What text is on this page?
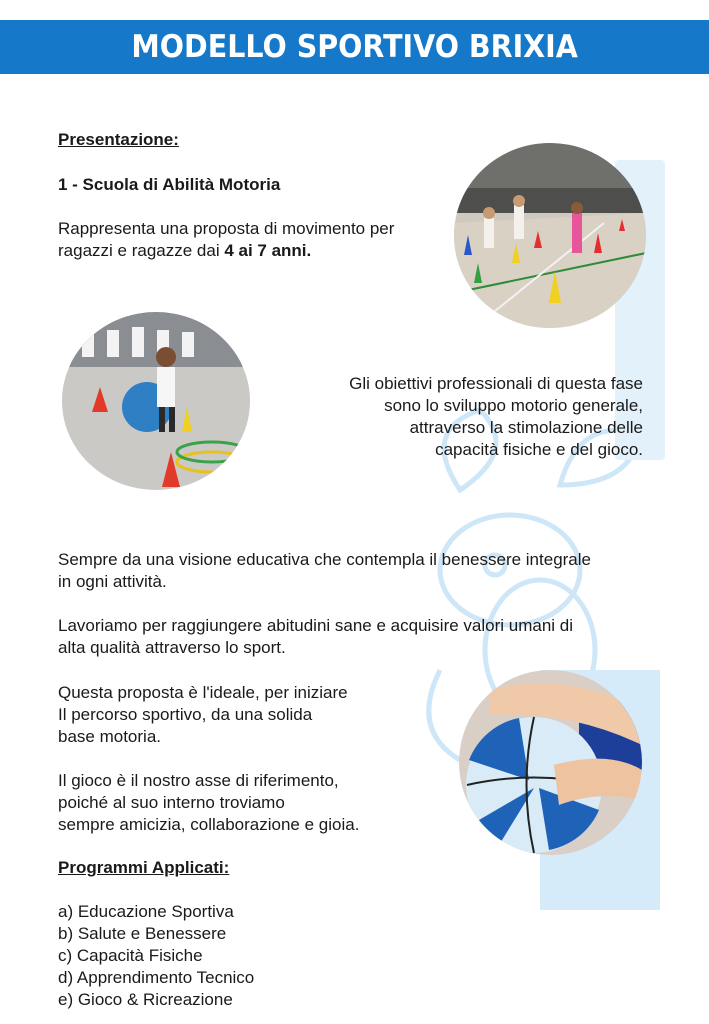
MODELLO SPORTIVO BRIXIA
Presentazione:
1 - Scuola di Abilità Motoria
Rappresenta una proposta di movimento per
ragazzi e ragazze dai 4 ai 7 anni.
Gli obiettivi professionali di questa fase
sono lo sviluppo motorio generale,
attraverso la stimolazione delle
capacità fisiche e del gioco.
Sempre da una visione educativa che contempla il benessere integrale
in ogni attività.
Lavoriamo per raggiungere abitudini sane e acquisire valori umani di
alta qualità attraverso lo sport.
Questa proposta è l'ideale, per iniziare
Il percorso sportivo, da una solida
base motoria.
Il gioco è il nostro asse di riferimento,
poiché al suo interno troviamo
sempre amicizia, collaborazione e gioia.
Programmi Applicati:
a) Educazione Sportiva
b) Salute e Benessere
c) Capacità Fisiche
d) Apprendimento Tecnico
e) Gioco & Ricreazione
